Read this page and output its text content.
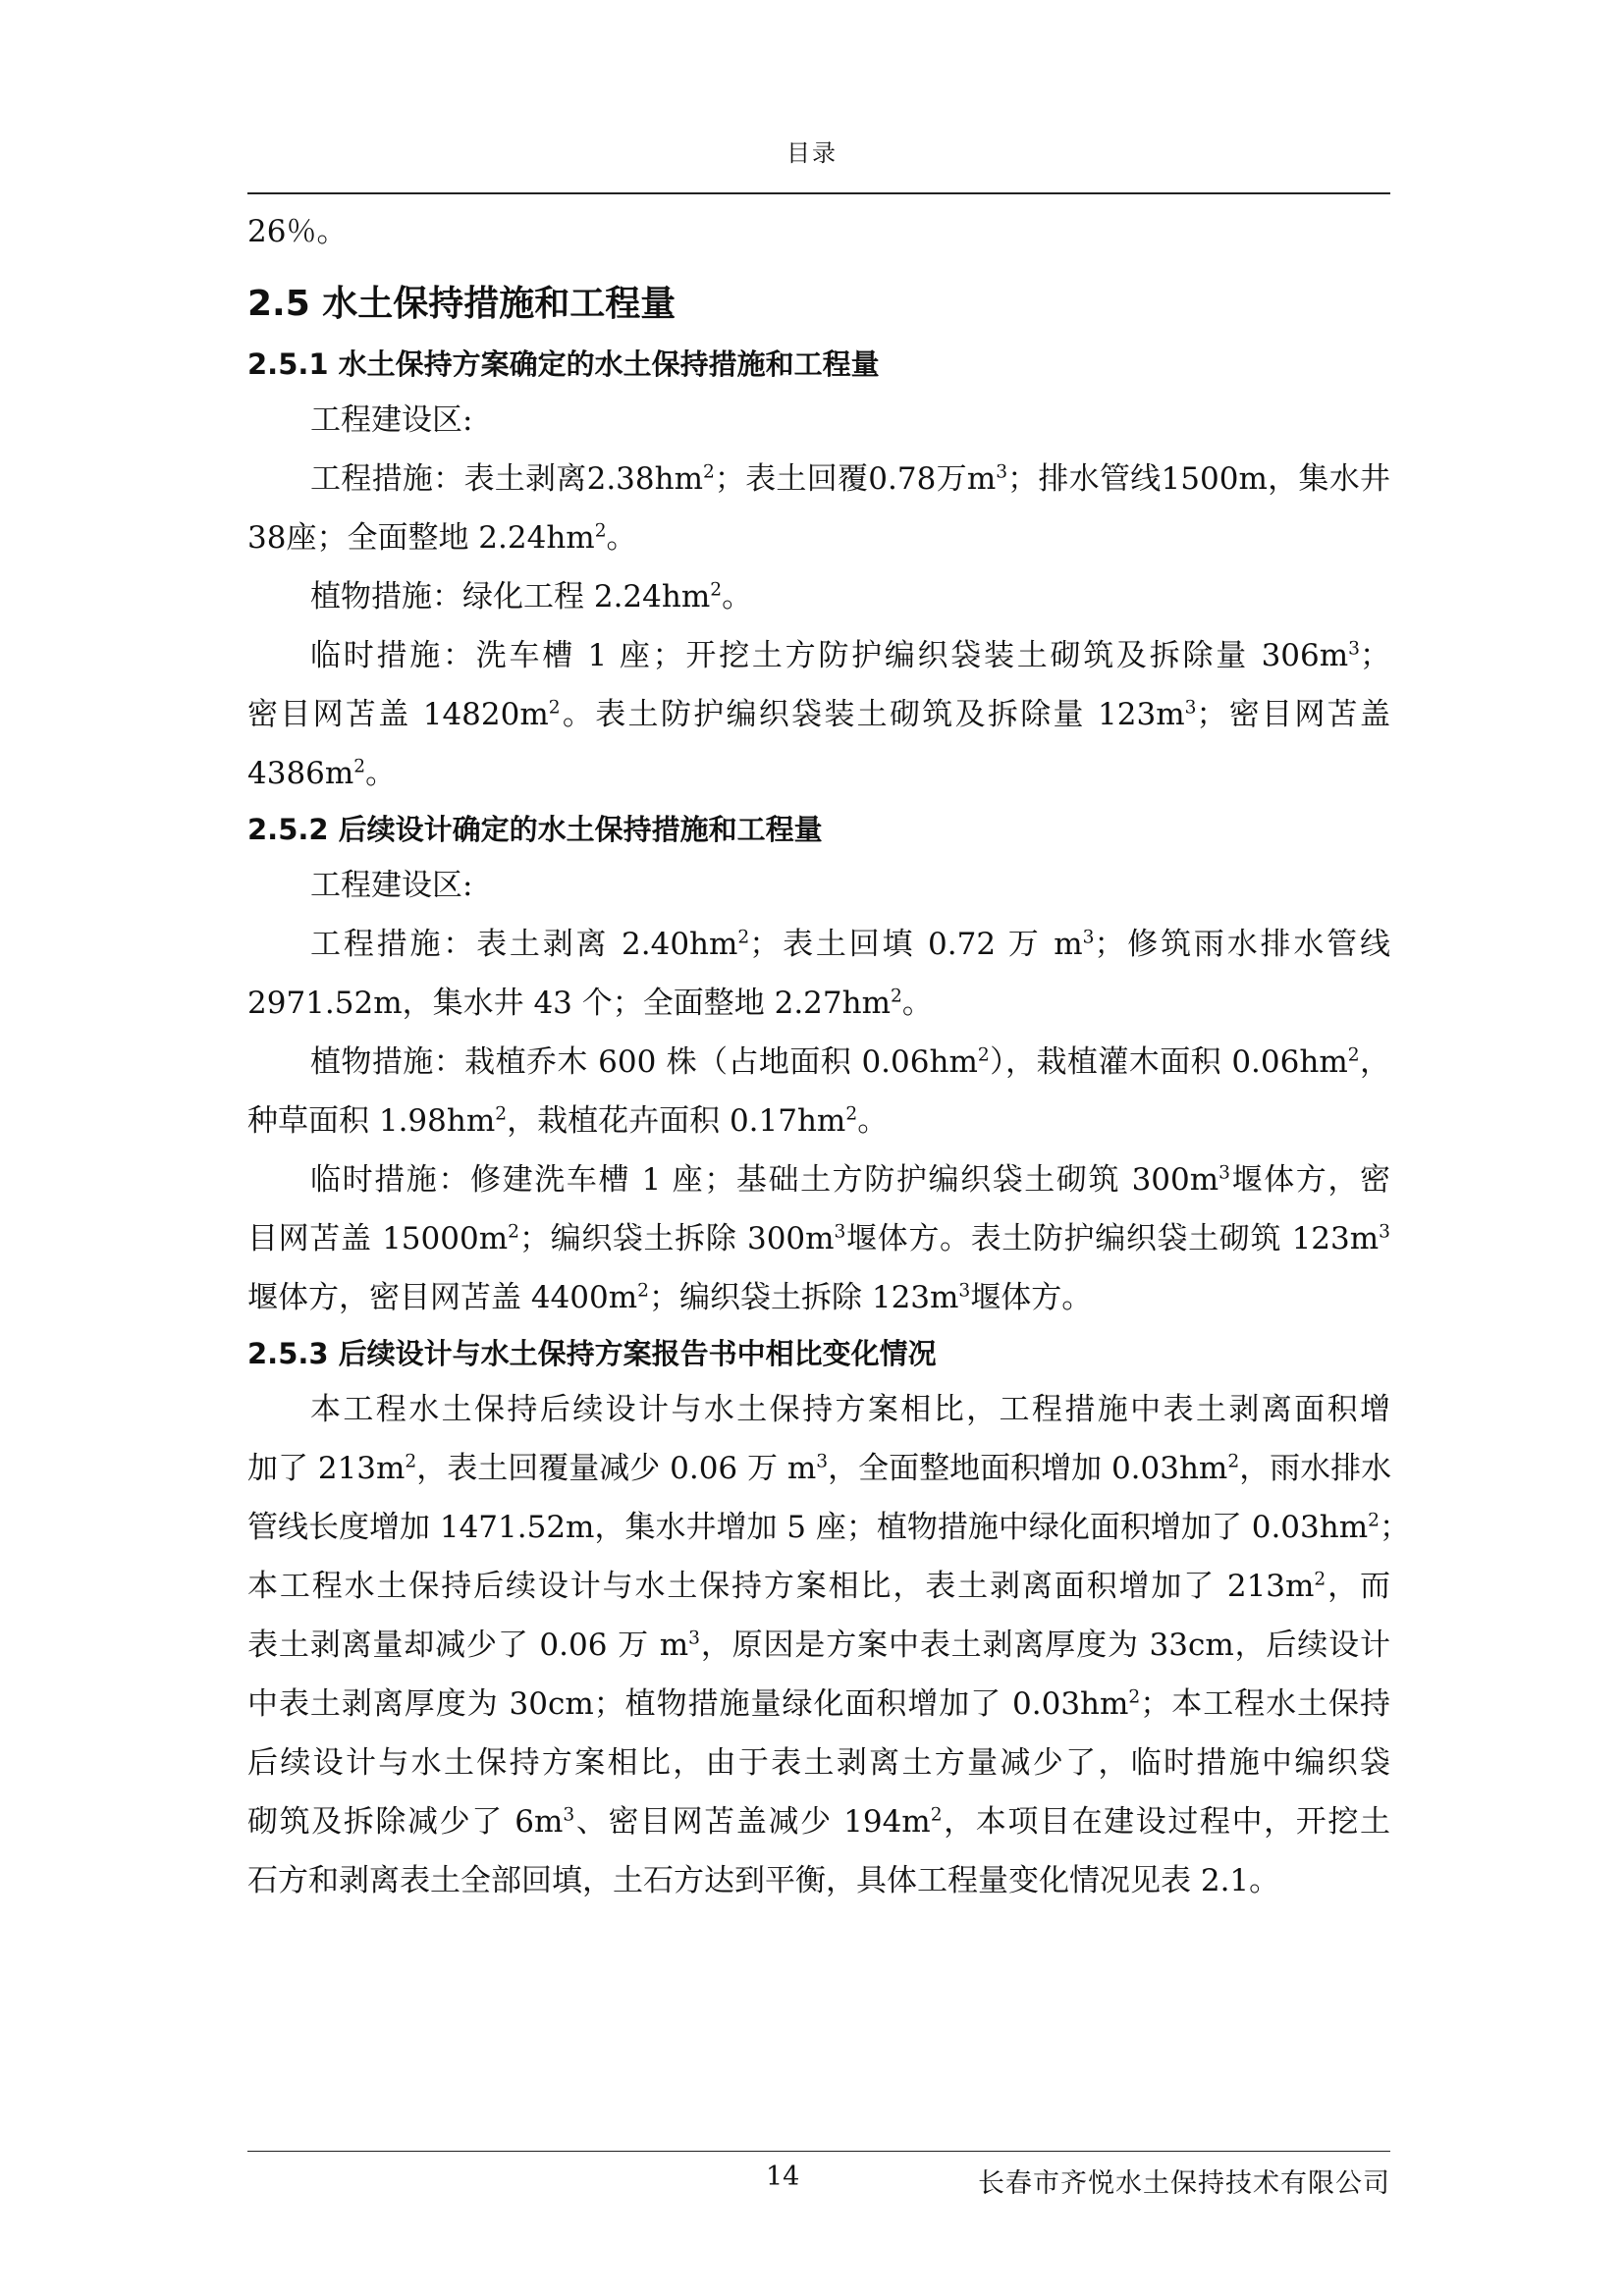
目录

26％。

2.5 水土保持措施和工程量

2.5.1 水土保持方案确定的水土保持措施和工程量

工程建设区:

工程措施：表土剥离$2.38hm^2$；表土回覆0.78万$m^3$；排水管线1500m，集水井

38座；全面整地 $2.24hm^2$。

植物措施：绿化工程 $2.24hm^2$。

临时措施：洗车槽 1 座；开挖土方防护编织袋装土砌筑及拆除量 $306m^3$；

密目网苫盖 $14820m^2$。表土防护编织袋装土砌筑及拆除量 $123m^3$；密目网苫盖

$4386m^2$。

2.5.2 后续设计确定的水土保持措施和工程量

工程建设区:

工程措施：表土剥离 $2.40hm^2$；表土回填 0.72 万 $m^3$；修筑雨水排水管线

2971.52m，集水井 43 个；全面整地 $2.27hm^2$。

植物措施：栽植乔木 600 株（占地面积 $0.06hm^2$），栽植灌木面积 $0.06hm^2$，

种草面积 $1.98hm^2$，栽植花卉面积 $0.17hm^2$。

临时措施：修建洗车槽 1 座；基础土方防护编织袋土砌筑 $300m^3$堰体方，密

目网苫盖 $15000m^2$；编织袋土拆除 $300m^3$堰体方。表土防护编织袋土砌筑 $123m^3$

堰体方，密目网苫盖 $4400m^2$；编织袋土拆除 $123m^3$堰体方。

2.5.3 后续设计与水土保持方案报告书中相比变化情况

本工程水土保持后续设计与水土保持方案相比，工程措施中表土剥离面积增

加了 $213m^2$，表土回覆量减少 0.06 万 $m^3$，全面整地面积增加 $0.03hm^2$，雨水排水

管线长度增加 1471.52m，集水井增加 5 座；植物措施中绿化面积增加了 $0.03hm^2$；

本工程水土保持后续设计与水土保持方案相比，表土剥离面积增加了 $213m^2$，而

表土剥离量却减少了 0.06 万 $m^3$，原因是方案中表土剥离厚度为 33cm，后续设计

中表土剥离厚度为 30cm；植物措施量绿化面积增加了 $0.03hm^2$；本工程水土保持

后续设计与水土保持方案相比，由于表土剥离土方量减少了，临时措施中编织袋

砌筑及拆除减少了 $6m^3$、密目网苫盖减少 $194m^2$，本项目在建设过程中，开挖土

石方和剥离表土全部回填，土石方达到平衡，具体工程量变化情况见表 2.1。

14	长春市齐悦水土保持技术有限公司
